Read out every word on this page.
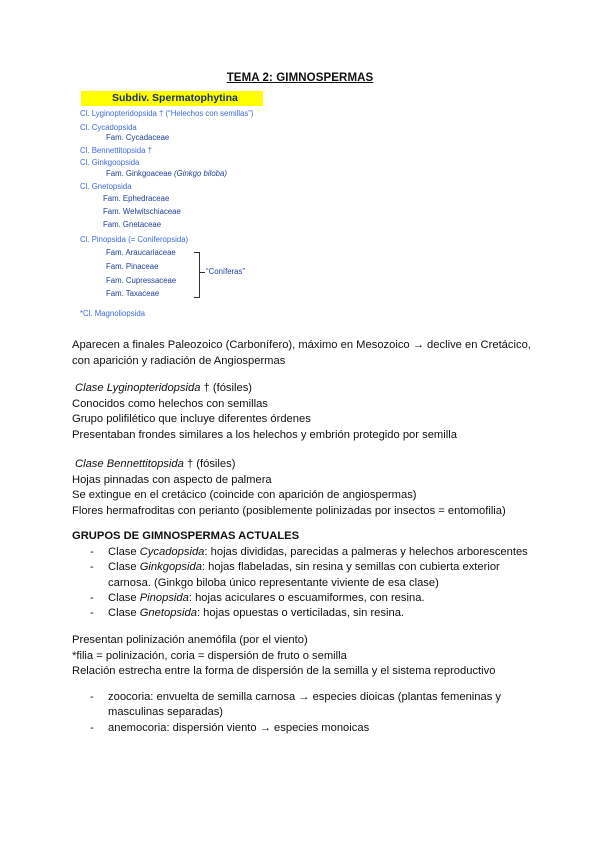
TEMA 2: GIMNOSPERMAS
Subdiv. Spermatophytina
Cl. Lyginopteridopsida † (“Helechos con semillas”)
Cl. Cycadopsida
Fam. Cycadaceae
Cl. Bennettitopsida †
Cl. Ginkgoopsida
Fam. Ginkgoaceae (Ginkgo biloba)
Cl. Gnetopsida
Fam. Ephedraceae
Fam. Welwitschiaceae
Fam. Gnetaceae
Cl. Pinopsida (= Coniferopsida)
Fam. Araucariaceae
Fam. Pinaceae
Fam. Cupressaceae
Fam. Taxaceae
“Coníferas”
*Cl. Magnoliopsida
Aparecen a finales Paleozoico (Carbonífero), máximo en Mesozoico → declive en Cretácico,
con aparición y radiación de Angiospermas
Clase Lyginopteridopsida † (fósiles)
Conocidos como helechos con semillas
Grupo polifilético que incluye diferentes órdenes
Presentaban frondes similares a los helechos y embrión protegido por semilla
Clase Bennettitopsida † (fósiles)
Hojas pinnadas con aspecto de palmera
Se extingue en el cretácico (coincide con aparición de angiospermas)
Flores hermafroditas con perianto (posiblemente polinizadas por insectos = entomofilia)
GRUPOS DE GIMNOSPERMAS ACTUALES
- Clase Cycadopsida: hojas divididas, parecidas a palmeras y helechos arborescentes
- Clase Ginkgopsida: hojas flabeladas, sin resina y semillas con cubierta exterior
carnosa. (Ginkgo biloba único representante viviente de esa clase)
- Clase Pinopsida: hojas aciculares o escuamiformes, con resina.
- Clase Gnetopsida: hojas opuestas o verticiladas, sin resina.
Presentan polinización anemófila (por el viento)
*filia = polinización, coria = dispersión de fruto o semilla
Relación estrecha entre la forma de dispersión de la semilla y el sistema reproductivo
- zoocoria: envuelta de semilla carnosa → especies dioicas (plantas femeninas y
masculinas separadas)
- anemocoria: dispersión viento → especies monoicas
